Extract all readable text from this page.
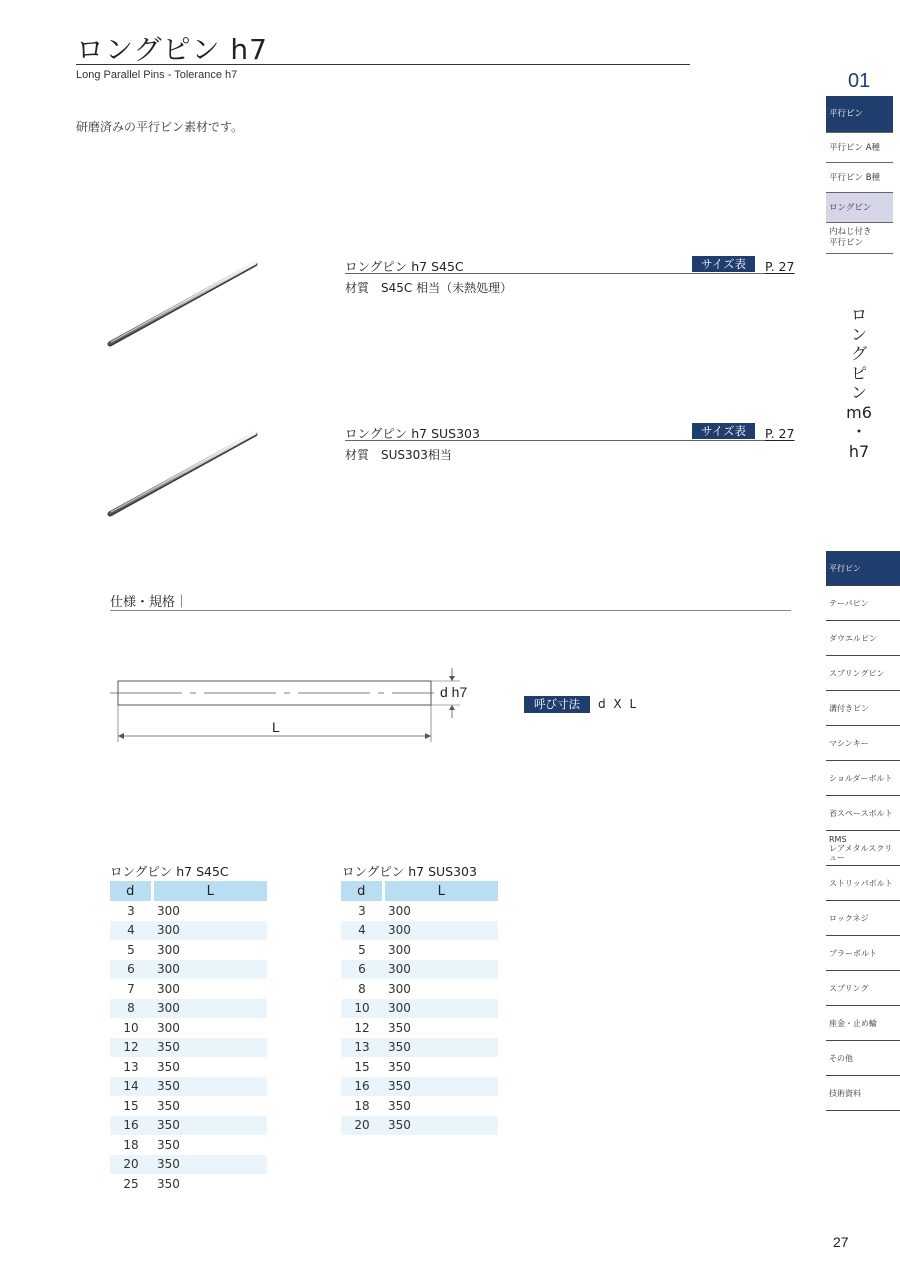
ロングピン h7
Long Parallel Pins - Tolerance h7
研磨済みの平行ピン素材です。
ロングピン h7 S45C	サイズ表	P. 27
材質　S45C 相当（未熱処理）
ロングピン h7 SUS303	サイズ表	P. 27
材質　SUS303相当
仕様・規格｜
d h7
L
呼び寸法	d X L
ロングピン h7 S45C
d	L
3	300
4	300
5	300
6	300
7	300
8	300
10	300
12	350
13	350
14	350
15	350
16	350
18	350
20	350
25	350
ロングピン h7 SUS303
d	L
3	300
4	300
5	300
6	300
8	300
10	300
12	350
13	350
15	350
16	350
18	350
20	350
01
平行ピン
平行ピン A種
平行ピン B種
ロングピン
内ねじ付き
平行ピン
ロ
ン
グ
ピ
ン
m6
・
h7
平行ピン
テーパピン
ダウエルピン
スプリングピン
溝付きピン
マシンキー
ショルダーボルト
省スペースボルト
RMS
レアメタルスクリュー
ストリッパボルト
ロックネジ
プラーボルト
スプリング
座金・止め輪
その他
技術資料
27
